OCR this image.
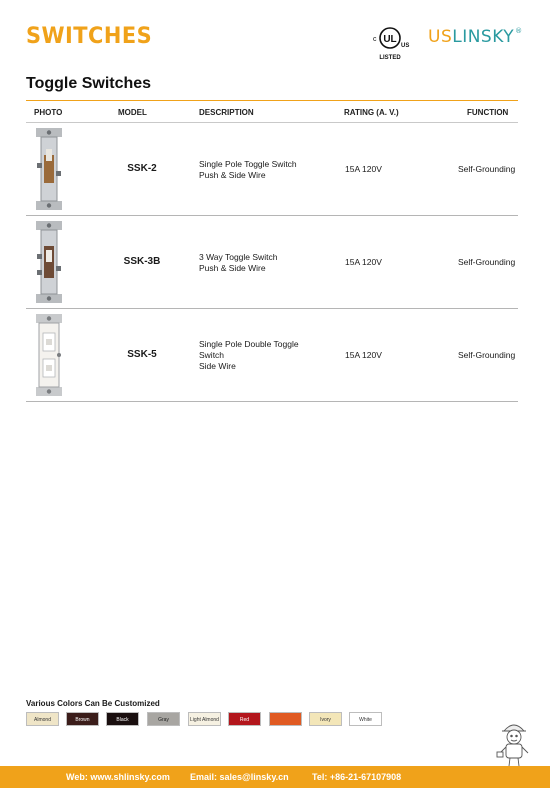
SWITCHES	UL
c
US
LISTED
USLINSKY®
Toggle Switches
PHOTO	MODEL	DESCRIPTION	RATING (A. V.)	FUNCTION
SSK-2	Single Pole Toggle Switch
Push & Side Wire
15A 120V	Self-Grounding
SSK-3B	3 Way Toggle Switch
Push & Side Wire
15A 120V	Self-Grounding
SSK-5
Single Pole Double Toggle
Switch
Side Wire
15A 120V	Self-Grounding
Various Colors Can Be Customized
Almond	Brown	Black	Gray	Light Almond	Red	Ivory	White
Web: www.shlinsky.com Email: sales@linsky.cn	Tel: +86-21-67107908
